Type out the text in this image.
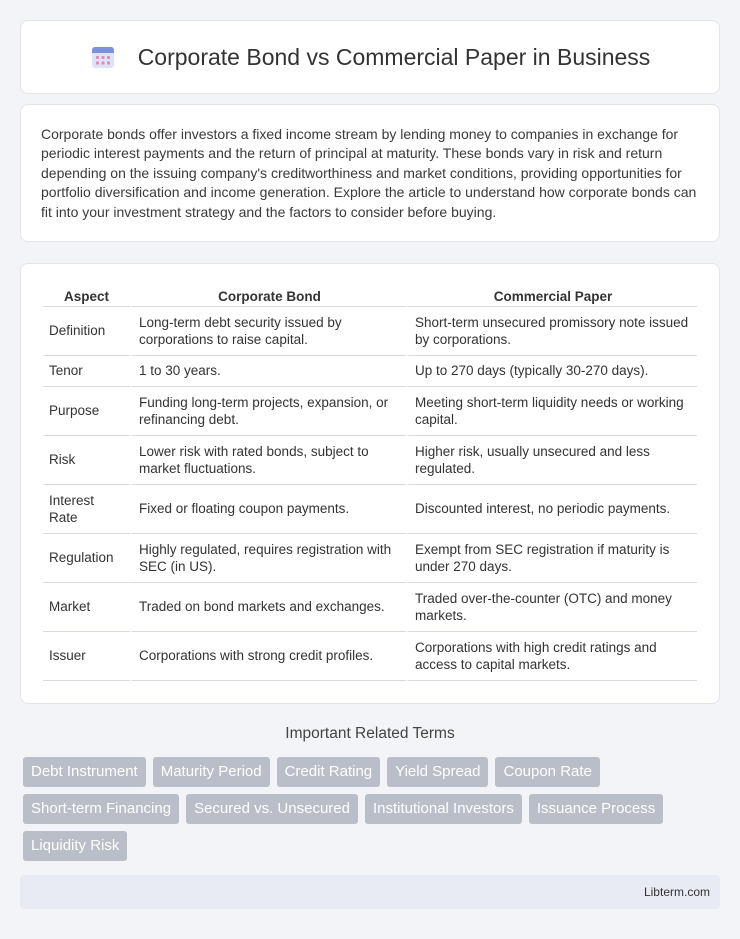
Corporate Bond vs Commercial Paper in Business

Corporate bonds offer investors a fixed income stream by lending money to companies in exchange for periodic interest payments and the return of principal at maturity. These bonds vary in risk and return depending on the issuing company's creditworthiness and market conditions, providing opportunities for portfolio diversification and income generation. Explore the article to understand how corporate bonds can fit into your investment strategy and the factors to consider before buying.

Aspect	Corporate Bond	Commercial Paper
Definition	Long-term debt security issued by corporations to raise capital.	Short-term unsecured promissory note issued by corporations.
Tenor	1 to 30 years.	Up to 270 days (typically 30-270 days).
Purpose	Funding long-term projects, expansion, or refinancing debt.	Meeting short-term liquidity needs or working capital.
Risk	Lower risk with rated bonds, subject to market fluctuations.	Higher risk, usually unsecured and less regulated.
Interest Rate	Fixed or floating coupon payments.	Discounted interest, no periodic payments.
Regulation	Highly regulated, requires registration with SEC (in US).	Exempt from SEC registration if maturity is under 270 days.
Market	Traded on bond markets and exchanges.	Traded over-the-counter (OTC) and money markets.
Issuer	Corporations with strong credit profiles.	Corporations with high credit ratings and access to capital markets.
Important Related Terms
Debt Instrument	Maturity Period	Credit Rating	Yield Spread	Coupon Rate
Short-term Financing	Secured vs. Unsecured	Institutional Investors	Issuance Process
Liquidity Risk
Libterm.com
